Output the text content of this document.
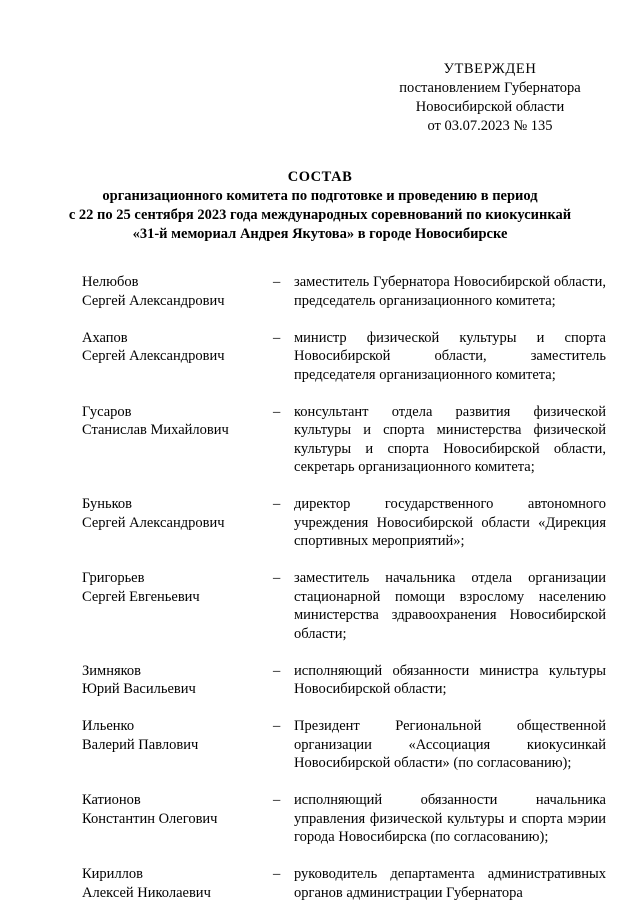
УТВЕРЖДЕН
постановлением Губернатора
Новосибирской области
от 03.07.2023 № 135
СОСТАВ
организационного комитета по подготовке и проведению в период
с 22 по 25 сентября 2023 года международных соревнований по киокусинкай
«31-й мемориал Андрея Якутова» в городе Новосибирске
Нелюбов
Сергей Александрович
– заместитель Губернатора Новосибирской области, председатель организационного комитета;
Ахапов
Сергей Александрович
– министр физической культуры и спорта Новосибирской области, заместитель председателя организационного комитета;
Гусаров
Станислав Михайлович
– консультант отдела развития физической культуры и спорта министерства физической культуры и спорта Новосибирской области, секретарь организационного комитета;
Буньков
Сергей Александрович
– директор государственного автономного учреждения Новосибирской области «Дирекция спортивных мероприятий»;
Григорьев
Сергей Евгеньевич
– заместитель начальника отдела организации стационарной помощи взрослому населению министерства здравоохранения Новосибирской области;
Зимняков
Юрий Васильевич
– исполняющий обязанности министра культуры Новосибирской области;
Ильенко
Валерий Павлович
– Президент Региональной общественной организации «Ассоциация киокусинкай Новосибирской области» (по согласованию);
Катионов
Константин Олегович
– исполняющий обязанности начальника управления физической культуры и спорта мэрии города Новосибирска (по согласованию);
Кириллов
Алексей Николаевич
– руководитель департамента административных органов администрации Губернатора
